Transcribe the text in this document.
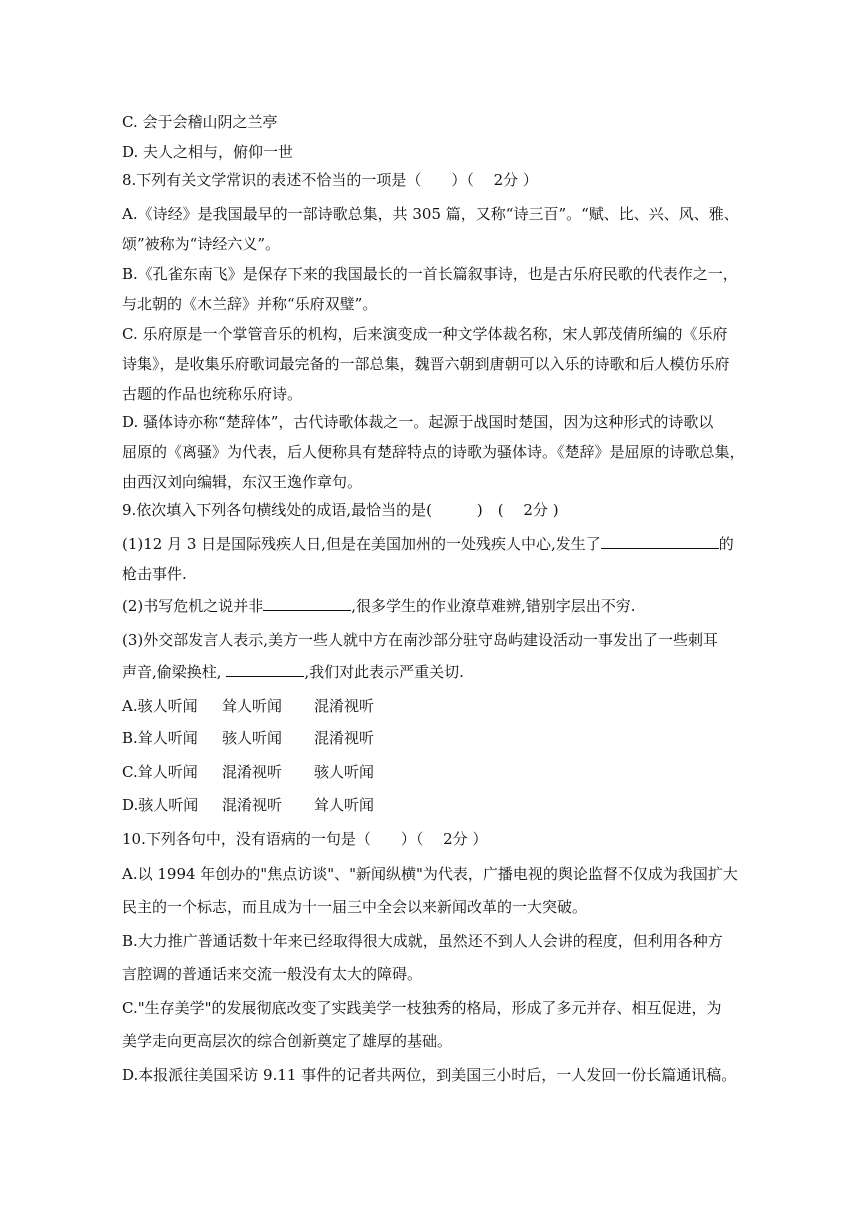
C. 会于会稽山阴之兰亭
D. 夫人之相与，俯仰一世
8.下列有关文学常识的表述不恰当的一项是（　　）（　 2分 ）
A.《诗经》是我国最早的一部诗歌总集，共 305 篇，又称“诗三百”。“赋、比、兴、风、雅、
颂”被称为“诗经六义”。
B.《孔雀东南飞》是保存下来的我国最长的一首长篇叙事诗，也是古乐府民歌的代表作之一，
与北朝的《木兰辞》并称“乐府双璧”。
C. 乐府原是一个掌管音乐的机构，后来演变成一种文学体裁名称，宋人郭茂倩所编的《乐府
诗集》，是收集乐府歌词最完备的一部总集，魏晋六朝到唐朝可以入乐的诗歌和后人模仿乐府
古题的作品也统称乐府诗。
D. 骚体诗亦称“楚辞体”，古代诗歌体裁之一。起源于战国时楚国，因为这种形式的诗歌以
屈原的《离骚》为代表，后人便称具有楚辞特点的诗歌为骚体诗。《楚辞》是屈原的诗歌总集，
由西汉刘向编辑，东汉王逸作章句。
9.依次填入下列各句横线处的成语,最恰当的是(　　　)　(　 2分 )
(1)12 月 3 日是国际残疾人日,但是在美国加州的一处残疾人中心,发生了	的
枪击事件.
(2)书写危机之说并非	,很多学生的作业潦草难辨,错别字层出不穷.
(3)外交部发言人表示,美方一些人就中方在南沙部分驻守岛屿建设活动一事发出了一些刺耳
声音,偷梁换柱,	,我们对此表示严重关切.
A.骇人听闻 耸人听闻 混淆视听
B.耸人听闻 骇人听闻 混淆视听
C.耸人听闻 混淆视听 骇人听闻
D.骇人听闻 混淆视听 耸人听闻
10.下列各句中，没有语病的一句是（　　）（　 2分 ）
A.以 1994 年创办的"焦点访谈"、"新闻纵横"为代表，广播电视的舆论监督不仅成为我国扩大
民主的一个标志，而且成为十一届三中全会以来新闻改革的一大突破。
B.大力推广普通话数十年来已经取得很大成就，虽然还不到人人会讲的程度，但利用各种方
言腔调的普通话来交流一般没有太大的障碍。
C."生存美学"的发展彻底改变了实践美学一枝独秀的格局，形成了多元并存、相互促进，为
美学走向更高层次的综合创新奠定了雄厚的基础。
D.本报派往美国采访 9.11 事件的记者共两位，到美国三小时后，一人发回一份长篇通讯稿。
